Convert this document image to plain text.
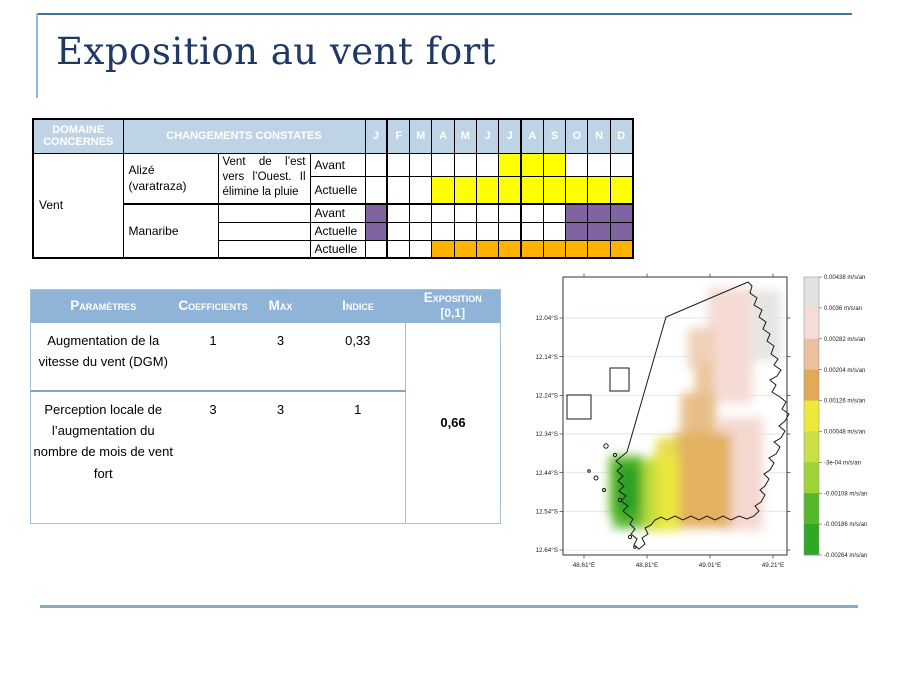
Exposition au vent fort
DOMAINE CONCERNES	CHANGEMENTS CONSTATES			J	F	M	A	M	J	J	A	S	O	N	D
Vent	Alizé (varatraza)	Vent de l’est vers l’Ouest. Il élimine la pluie	Avant												
			Actuelle												
	Manaribe		Avant												
			Actuelle												
			Actuelle												
Paramètres	Coefficients	Max	Indice	Exposition
[0,1]
Augmentation de la vitesse du vent (DGM)	1	3	0,33	0,66
Perception locale de l’augmentation du nombre de mois de vent fort	3	3	1	
12.04°S
12.14°S
12.24°S
12.34°S
12.44°S
12.54°S
12.64°S
48.61°E	48.81°E	49.01°E	49.21°E
0.00438 m/s/an
0.0036 m/s/an
0.00282 m/s/an
0.00204 m/s/an
0.00126 m/s/an
0.00048 m/s/an
-3e-04 m/s/an
-0.00108 m/s/an
-0.00186 m/s/an
-0.00264 m/s/an
